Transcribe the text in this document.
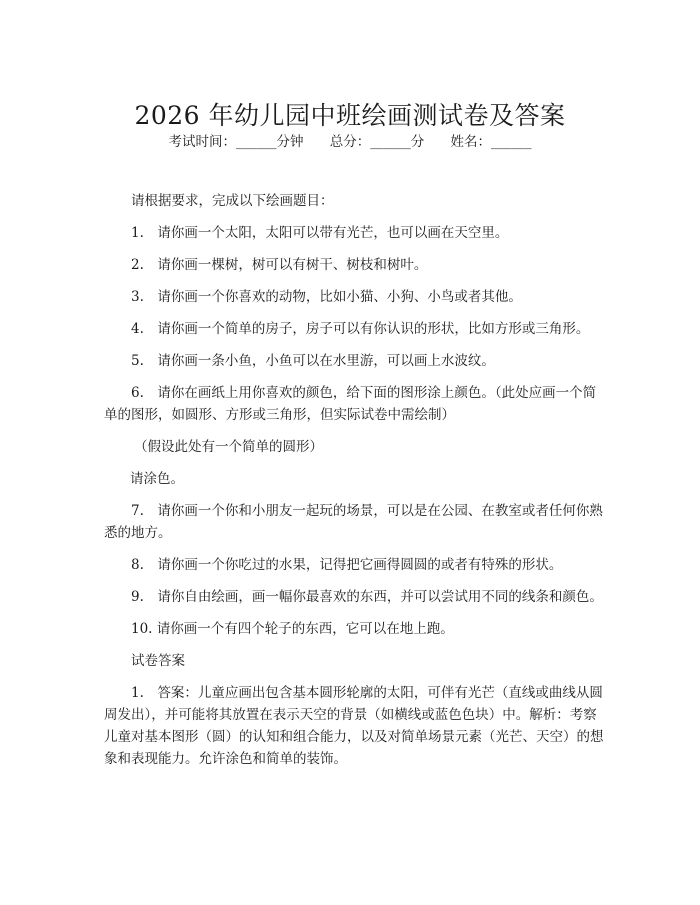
2026 年幼儿园中班绘画测试卷及答案
考试时间：______分钟 总分：______分 姓名：______

请根据要求，完成以下绘画题目：

1.　请你画一个太阳，太阳可以带有光芒，也可以画在天空里。

2.　请你画一棵树，树可以有树干、树枝和树叶。

3.　请你画一个你喜欢的动物，比如小猫、小狗、小鸟或者其他。

4.　请你画一个简单的房子，房子可以有你认识的形状，比如方形或三角形。

5.　请你画一条小鱼，小鱼可以在水里游，可以画上水波纹。

6.　请你在画纸上用你喜欢的颜色，给下面的图形涂上颜色。（此处应画一个简单的图形，如圆形、方形或三角形，但实际试卷中需绘制）

（假设此处有一个简单的圆形）

请涂色。

7.　请你画一个你和小朋友一起玩的场景，可以是在公园、在教室或者任何你熟悉的地方。

8.　请你画一个你吃过的水果，记得把它画得圆圆的或者有特殊的形状。

9.　请你自由绘画，画一幅你最喜欢的东西，并可以尝试用不同的线条和颜色。

10. 请你画一个有四个轮子的东西，它可以在地上跑。

试卷答案

1.　答案：儿童应画出包含基本圆形轮廓的太阳，可伴有光芒（直线或曲线从圆周发出），并可能将其放置在表示天空的背景（如横线或蓝色色块）中。解析：考察儿童对基本图形（圆）的认知和组合能力，以及对简单场景元素（光芒、天空）的想象和表现能力。允许涂色和简单的装饰。
